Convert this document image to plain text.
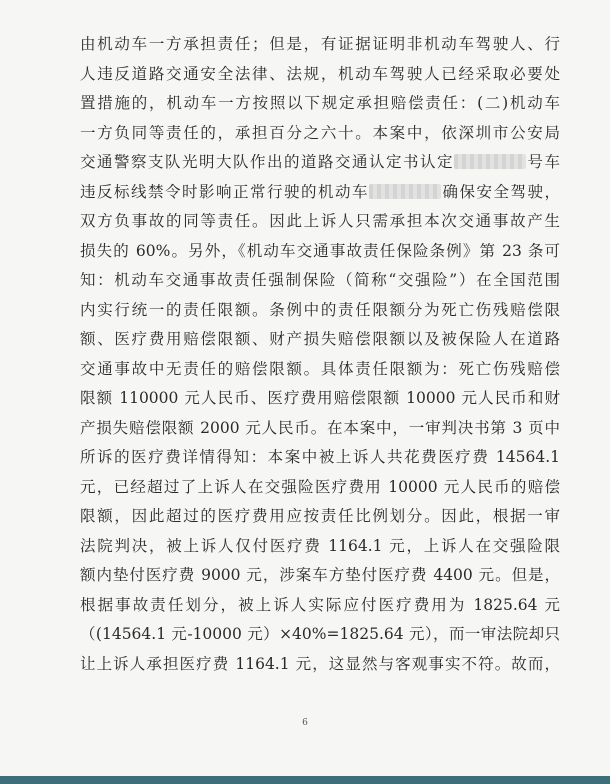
由机动车一方承担责任；但是，有证据证明非机动车驾驶人、行
人违反道路交通安全法律、法规，机动车驾驶人已经采取必要处
置措施的，机动车一方按照以下规定承担赔偿责任：(二)机动车
一方负同等责任的，承担百分之六十。本案中，依深圳市公安局
交通警察支队光明大队作出的道路交通认定书认定	号车
违反标线禁令时影响正常行驶的机动车	确保安全驾驶，
双方负事故的同等责任。因此上诉人只需承担本次交通事故产生
损失的 60%。另外，《机动车交通事故责任保险条例》第 23 条可
知：机动车交通事故责任强制保险（简称“交强险”）在全国范围
内实行统一的责任限额。条例中的责任限额分为死亡伤残赔偿限
额、医疗费用赔偿限额、财产损失赔偿限额以及被保险人在道路
交通事故中无责任的赔偿限额。具体责任限额为：死亡伤残赔偿
限额 110000 元人民币、医疗费用赔偿限额 10000 元人民币和财
产损失赔偿限额 2000 元人民币。在本案中，一审判决书第 3 页中
所诉的医疗费详情得知：本案中被上诉人共花费医疗费 14564.1
元，已经超过了上诉人在交强险医疗费用 10000 元人民币的赔偿
限额，因此超过的医疗费用应按责任比例划分。因此，根据一审
法院判决，被上诉人仅付医疗费 1164.1 元，上诉人在交强险限
额内垫付医疗费 9000 元，涉案车方垫付医疗费 4400 元。但是，
根据事故责任划分，被上诉人实际应付医疗费用为 1825.64 元
（(14564.1 元-10000 元）×40%=1825.64 元），而一审法院却只
让上诉人承担医疗费 1164.1 元，这显然与客观事实不符。故而，
6
